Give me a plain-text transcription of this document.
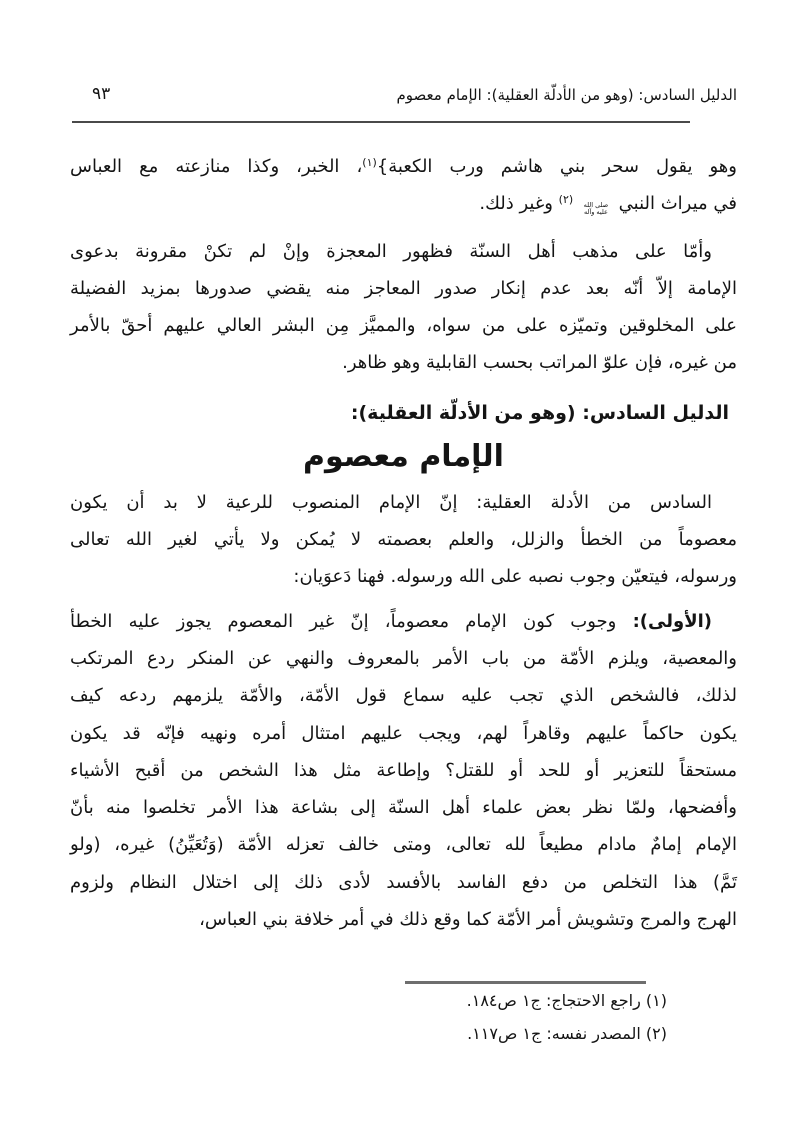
الدليل السادس: (وهو من الأدلّة العقلية): الإمام معصوم
٩٣
وهو يقول سحر بني هاشم ورب الكعبة}$^{(١)}$، الخبر، وكذا منازعته مع العباس
في ميراث النبي صلى الله
عليه وآله $^{(٢)}$ وغير ذلك.
وأمّا على مذهب أهل السنّة فظهور المعجزة وإنْ لم تكنْ مقرونة بدعوى
الإمامة إلاّ أنّه بعد عدم إنكار صدور المعاجز منه يقضي صدورها بمزيد الفضيلة
على المخلوقين وتميّزه على من سواه، والمميَّز مِن البشر العالي عليهم أحقّ بالأمر
من غيره، فإن علوّ المراتب بحسب القابلية وهو ظاهر.
الدليل السادس: (وهو من الأدلّة العقلية):
الإمام معصوم
السادس من الأدلة العقلية: إنّ الإمام المنصوب للرعية لا بد أن يكون
معصوماً من الخطأ والزلل، والعلم بعصمته لا يُمكن ولا يأتي لغير الله تعالى
ورسوله، فيتعيّن وجوب نصبه على الله ورسوله. فهنا دَعوَيان:
(الأولى): وجوب كون الإمام معصوماً، إنّ غير المعصوم يجوز عليه الخطأ
والمعصية، ويلزم الأمّة من باب الأمر بالمعروف والنهي عن المنكر ردع المرتكب
لذلك، فالشخص الذي تجب عليه سماع قول الأمّة، والأمّة يلزمهم ردعه كيف
يكون حاكماً عليهم وقاهراً لهم، ويجب عليهم امتثال أمره ونهيه فإنّه قد يكون
مستحقاً للتعزير أو للحد أو للقتل؟ وإطاعة مثل هذا الشخص من أقبح الأشياء
وأفضحها، ولمّا نظر بعض علماء أهل السنّة إلى بشاعة هذا الأمر تخلصوا منه بأنّ
الإمام إمامٌ مادام مطيعاً لله تعالى، ومتى خالف تعزله الأمّة (وَتُعَيِّنُ) غيره، (ولو
تَمَّ) هذا التخلص من دفع الفاسد بالأفسد لأدى ذلك إلى اختلال النظام ولزوم
الهرج والمرج وتشويش أمر الأمّة كما وقع ذلك في أمر خلافة بني العباس،
(١) راجع الاحتجاج: ج١ ص١٨٤.
(٢) المصدر نفسه: ج١ ص١١٧.
